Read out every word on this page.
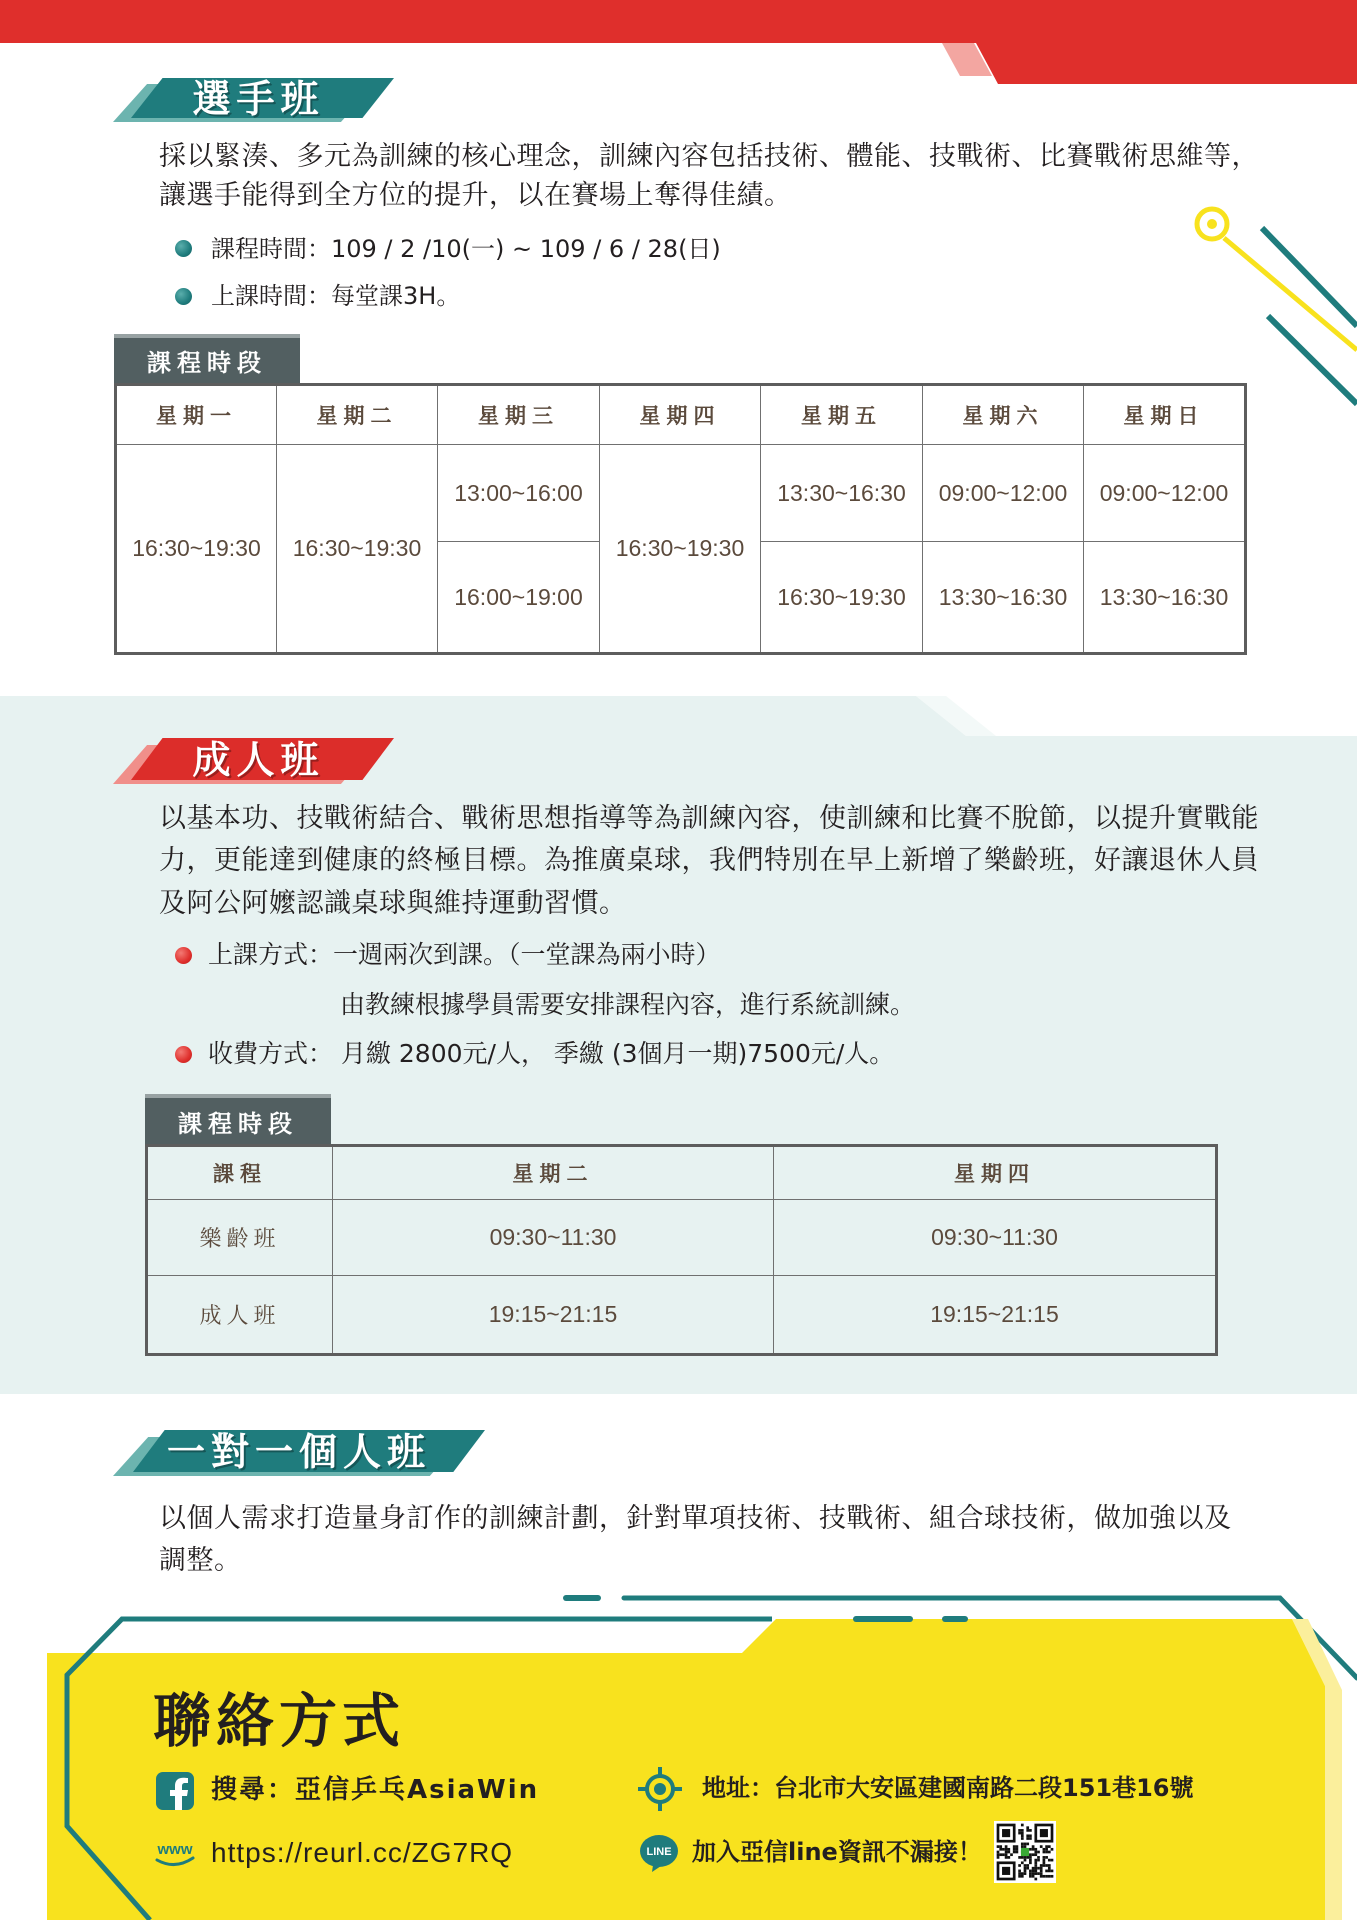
選手班
採以緊湊、多元為訓練的核心理念，訓練內容包括技術、體能、技戰術、比賽戰術思維等，
讓選手能得到全方位的提升，以在賽場上奪得佳績。
課程時間：109 / 2 /10(一) ~ 109 / 6 / 28(日)
上課時間：每堂課3H。
課程時段
星期一	星期二	星期三	星期四	星期五	星期六	星期日
16:30~19:30	16:30~19:30	13:00~16:00	16:30~19:30	13:30~16:30	09:00~12:00	09:00~12:00
		16:00~19:00		16:30~19:30	13:30~16:30	13:30~16:30
成人班
以基本功、技戰術結合、戰術思想指導等為訓練內容，使訓練和比賽不脫節，以提升實戰能
力，更能達到健康的終極目標。為推廣桌球，我們特別在早上新增了樂齡班，好讓退休人員
及阿公阿嬤認識桌球與維持運動習慣。
上課方式：一週兩次到課。（一堂課為兩小時）
由教練根據學員需要安排課程內容，進行系統訓練。
收費方式： 月繳 2800元/人， 季繳 (3個月一期)7500元/人。
課程時段
課程	星期二	星期四
樂齡班	09:30~11:30	09:30~11:30
成人班	19:15~21:15	19:15~21:15
一對一個人班
以個人需求打造量身訂作的訓練計劃，針對單項技術、技戰術、組合球技術，做加強以及
調整。
聯絡方式
搜尋：亞信乒乓AsiaWin
www https://reurl.cc/ZG7RQ
地址：台北市大安區建國南路二段151巷16號
LINE 加入亞信line資訊不漏接！
